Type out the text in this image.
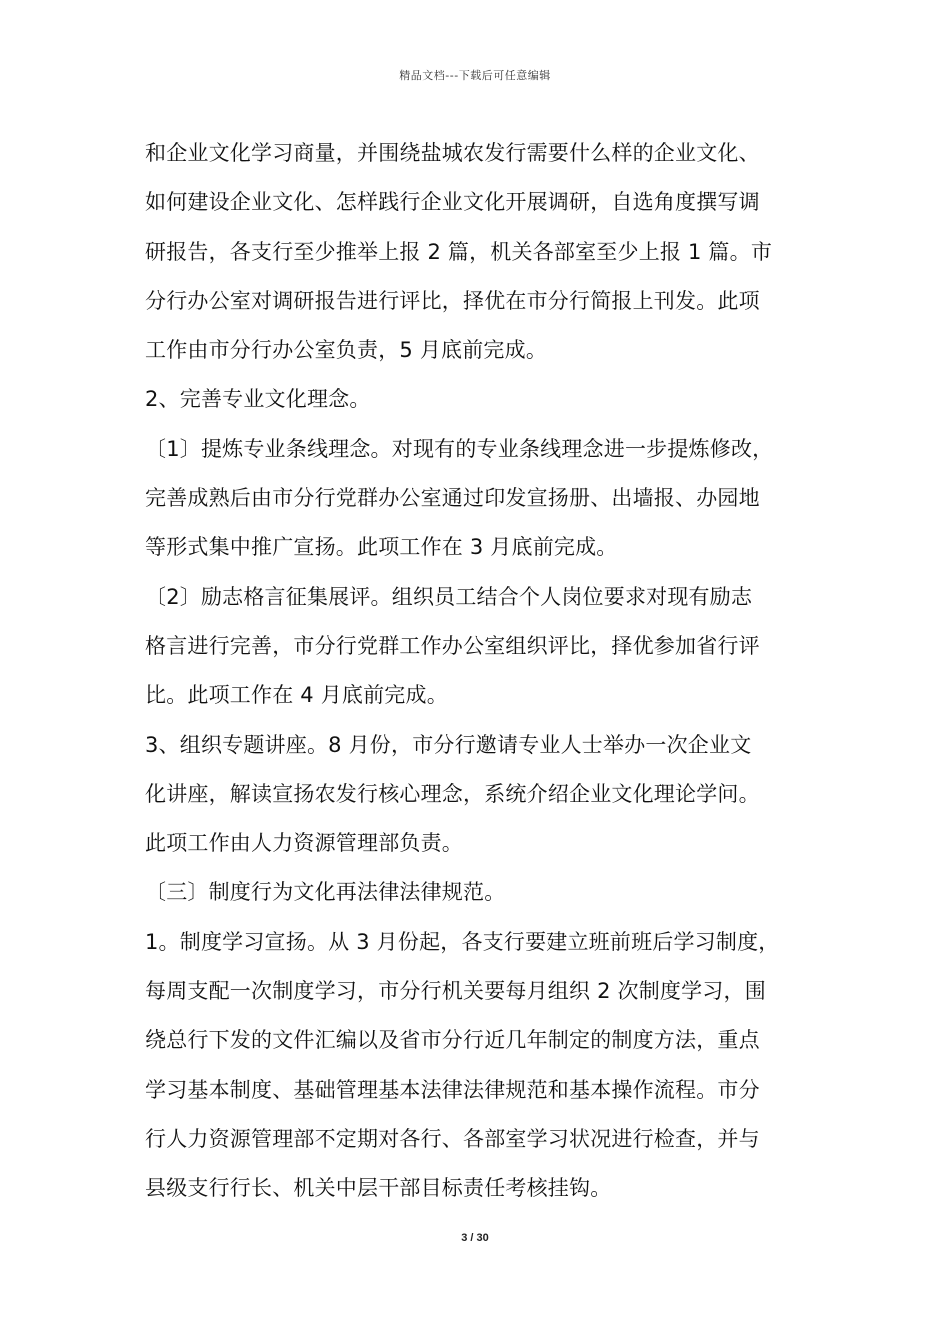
精品文档---下载后可任意编辑
和企业文化学习商量，并围绕盐城农发行需要什么样的企业文化、
如何建设企业文化、怎样践行企业文化开展调研，自选角度撰写调
研报告，各支行至少推举上报 2 篇，机关各部室至少上报 1 篇。市
分行办公室对调研报告进行评比，择优在市分行简报上刊发。此项
工作由市分行办公室负责，5 月底前完成。
2、完善专业文化理念。
〔1〕提炼专业条线理念。对现有的专业条线理念进一步提炼修改，
完善成熟后由市分行党群办公室通过印发宣扬册、出墙报、办园地
等形式集中推广宣扬。此项工作在 3 月底前完成。
〔2〕励志格言征集展评。组织员工结合个人岗位要求对现有励志
格言进行完善，市分行党群工作办公室组织评比，择优参加省行评
比。此项工作在 4 月底前完成。
3、组织专题讲座。8 月份，市分行邀请专业人士举办一次企业文
化讲座，解读宣扬农发行核心理念，系统介绍企业文化理论学问。
此项工作由人力资源管理部负责。
〔三〕制度行为文化再法律法律规范。
1。制度学习宣扬。从 3 月份起，各支行要建立班前班后学习制度，
每周支配一次制度学习，市分行机关要每月组织 2 次制度学习，围
绕总行下发的文件汇编以及省市分行近几年制定的制度方法，重点
学习基本制度、基础管理基本法律法律规范和基本操作流程。市分
行人力资源管理部不定期对各行、各部室学习状况进行检查，并与
县级支行行长、机关中层干部目标责任考核挂钩。
3 / 30
